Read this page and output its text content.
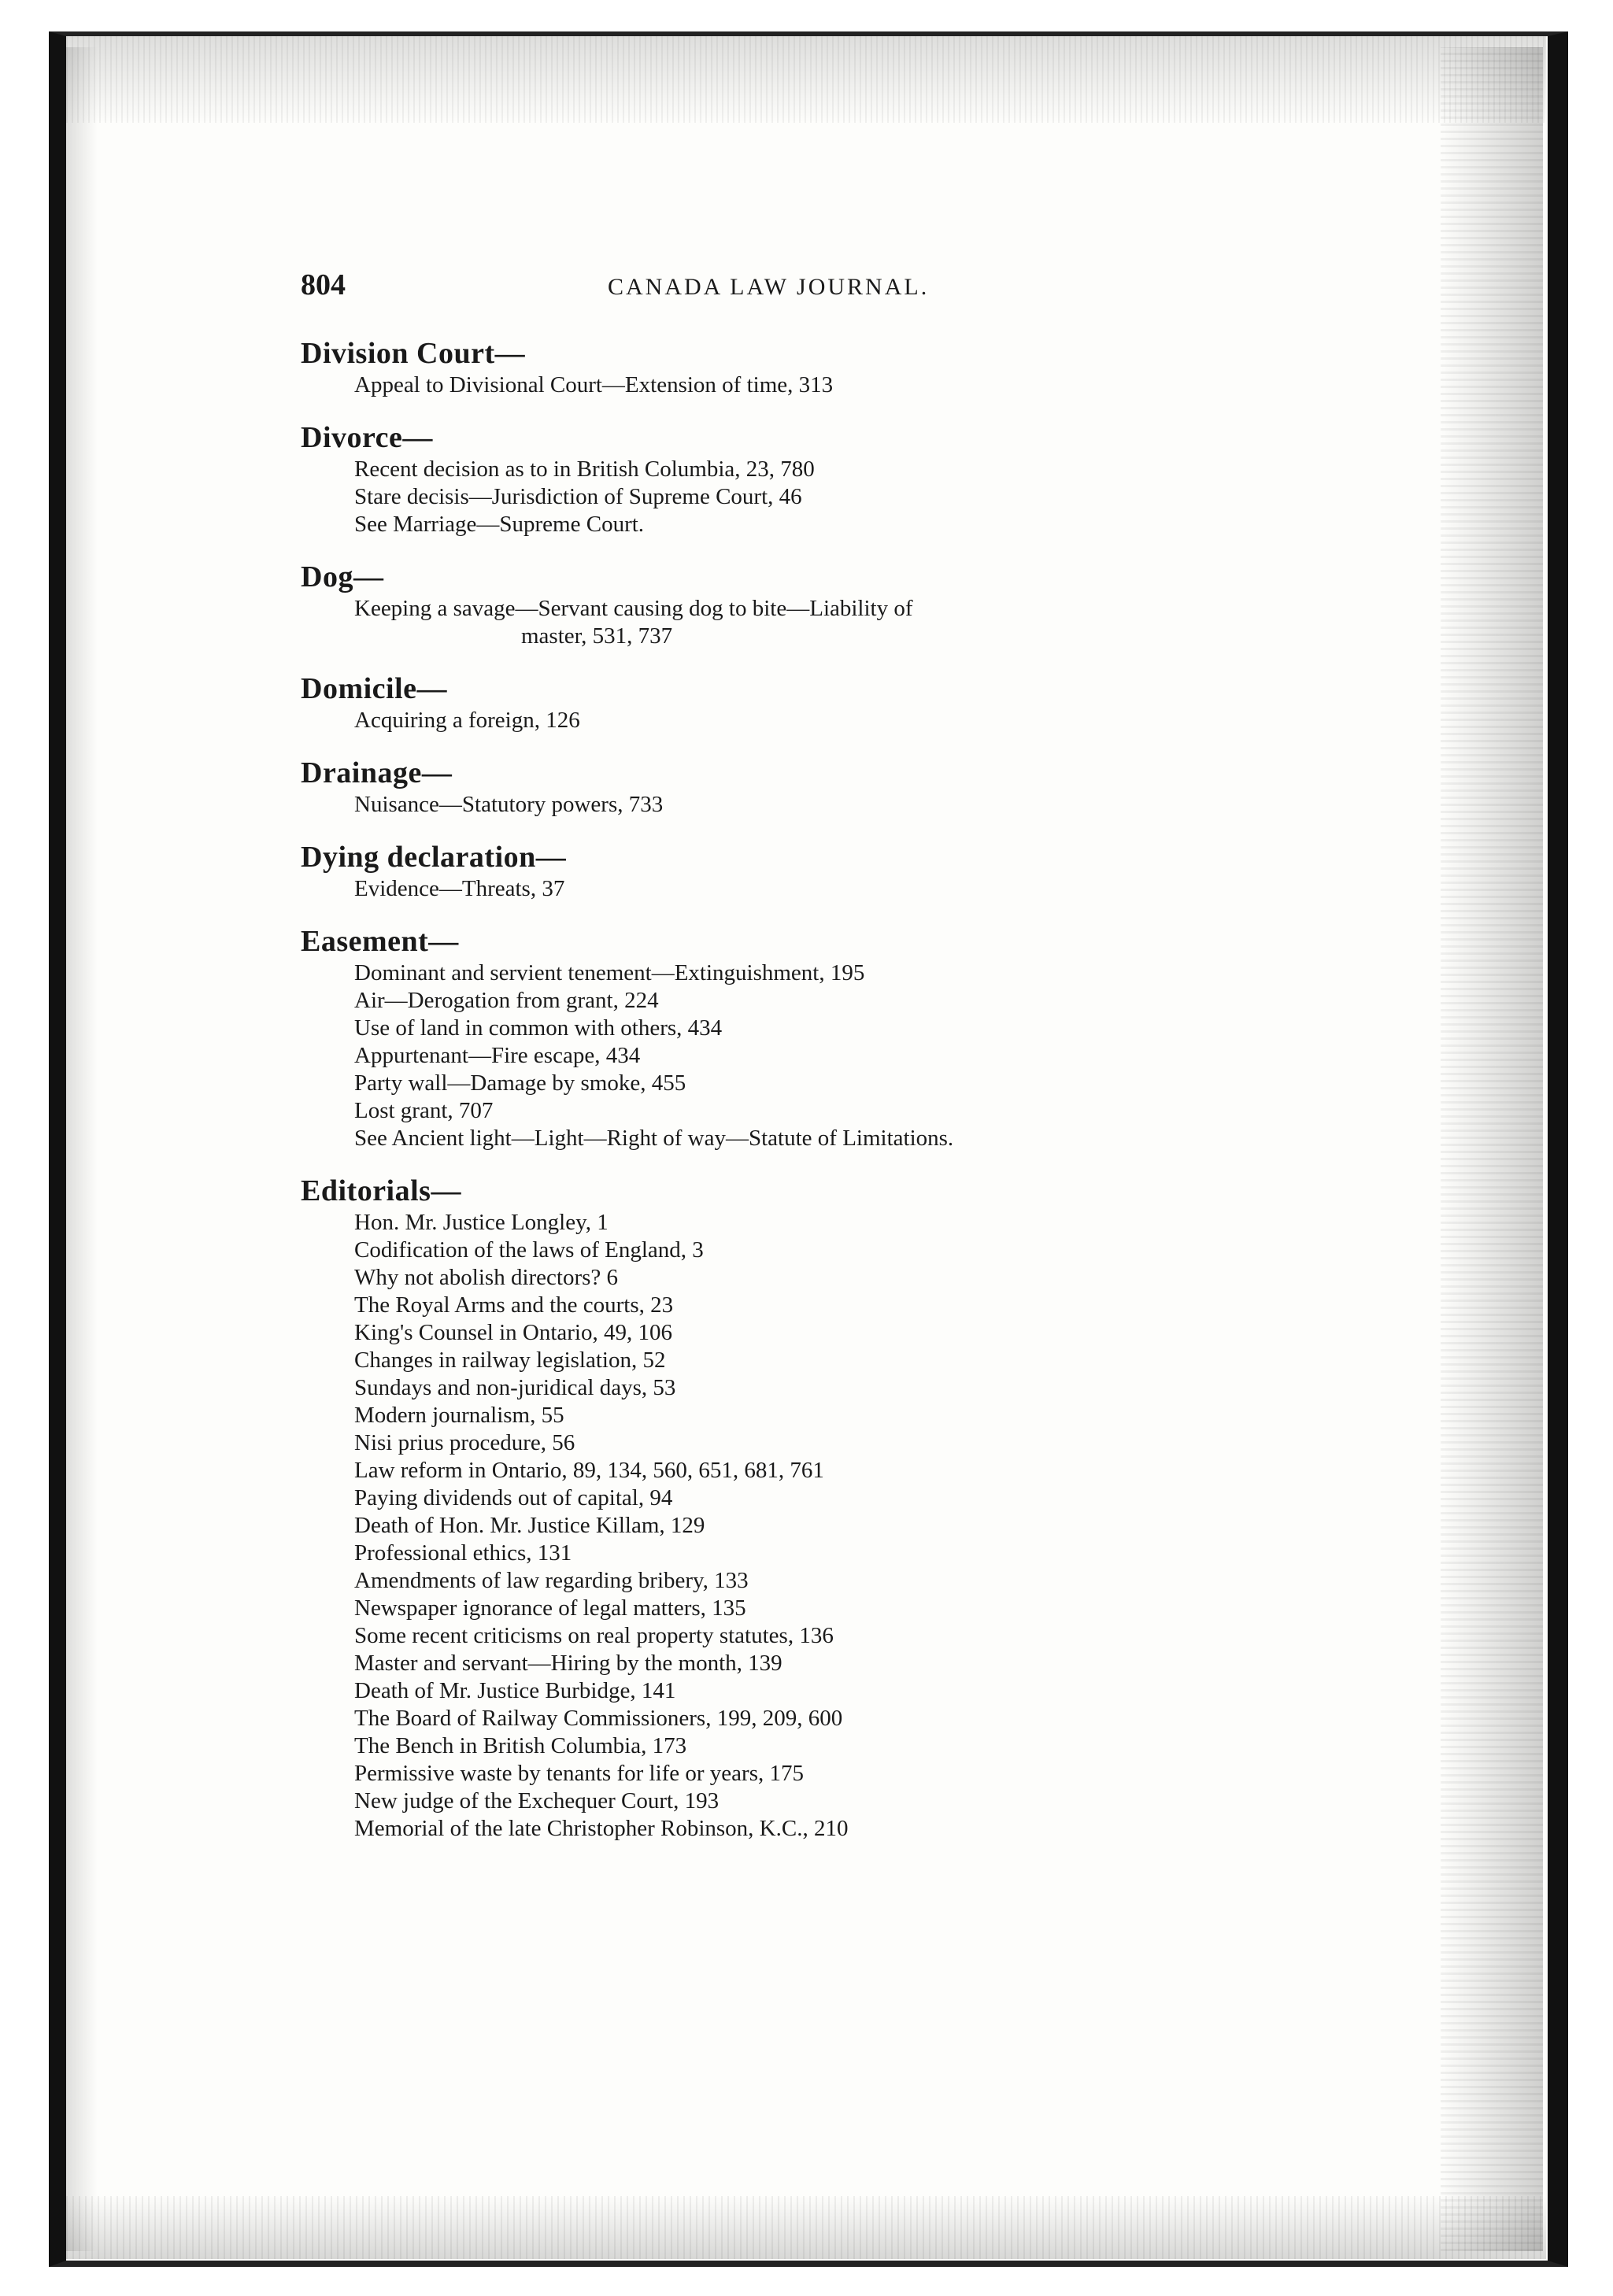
804	CANADA LAW JOURNAL.
Division Court—
Appeal to Divisional Court—Extension of time, 313
Divorce—
Recent decision as to in British Columbia, 23, 780
Stare decisis—Jurisdiction of Supreme Court, 46
See Marriage—Supreme Court.
Dog—
Keeping a savage—Servant causing dog to bite—Liability of
master, 531, 737
Domicile—
Acquiring a foreign, 126
Drainage—
Nuisance—Statutory powers, 733
Dying declaration—
Evidence—Threats, 37
Easement—
Dominant and servient tenement—Extinguishment, 195
Air—Derogation from grant, 224
Use of land in common with others, 434
Appurtenant—Fire escape, 434
Party wall—Damage by smoke, 455
Lost grant, 707
See Ancient light—Light—Right of way—Statute of Limitations.
Editorials—
Hon. Mr. Justice Longley, 1
Codification of the laws of England, 3
Why not abolish directors? 6
The Royal Arms and the courts, 23
King's Counsel in Ontario, 49, 106
Changes in railway legislation, 52
Sundays and non-juridical days, 53
Modern journalism, 55
Nisi prius procedure, 56
Law reform in Ontario, 89, 134, 560, 651, 681, 761
Paying dividends out of capital, 94
Death of Hon. Mr. Justice Killam, 129
Professional ethics, 131
Amendments of law regarding bribery, 133
Newspaper ignorance of legal matters, 135
Some recent criticisms on real property statutes, 136
Master and servant—Hiring by the month, 139
Death of Mr. Justice Burbidge, 141
The Board of Railway Commissioners, 199, 209, 600
The Bench in British Columbia, 173
Permissive waste by tenants for life or years, 175
New judge of the Exchequer Court, 193
Memorial of the late Christopher Robinson, K.C., 210
